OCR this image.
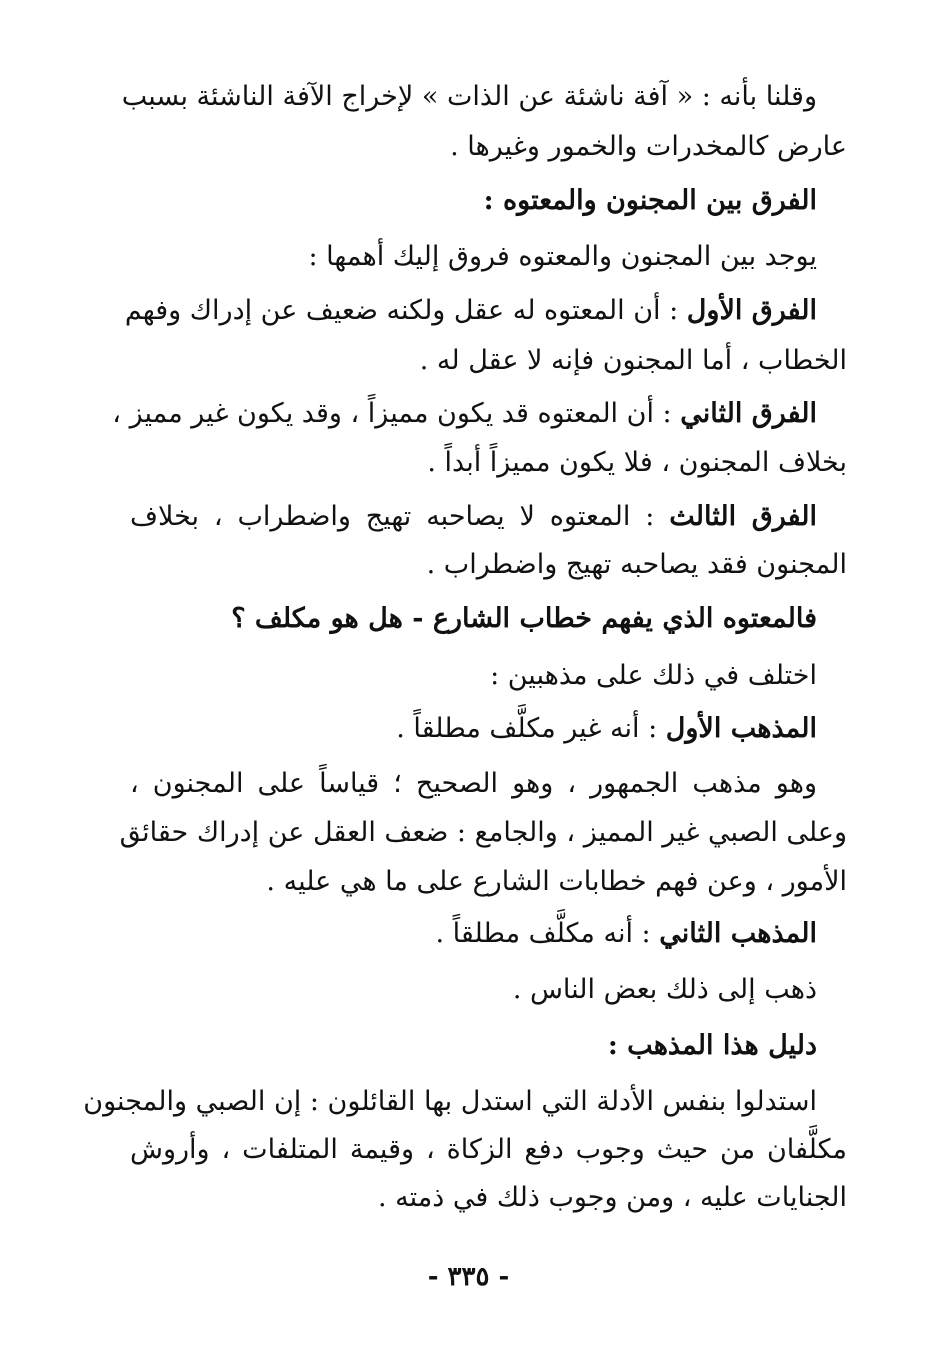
وقلنا بأنه : « آفة ناشئة عن الذات » لإخراج الآفة الناشئة بسبب
عارض كالمخدرات والخمور وغيرها .
الفرق بين المجنون والمعتوه :
يوجد بين المجنون والمعتوه فروق إليك أهمها :
الفرق الأول : أن المعتوه له عقل ولكنه ضعيف عن إدراك وفهم
الخطاب ، أما المجنون فإنه لا عقل له .
الفرق الثاني : أن المعتوه قد يكون مميزاً ، وقد يكون غير مميز ،
بخلاف المجنون ، فلا يكون مميزاً أبداً .
الفرق الثالث : المعتوه لا يصاحبه تهيج واضطراب ، بخلاف
المجنون فقد يصاحبه تهيج واضطراب .
فالمعتوه الذي يفهم خطاب الشارع - هل هو مكلف ؟
اختلف في ذلك على مذهبين :
المذهب الأول : أنه غير مكلَّف مطلقاً .
وهو مذهب الجمهور ، وهو الصحيح ؛ قياساً على المجنون ،
وعلى الصبي غير المميز ، والجامع : ضعف العقل عن إدراك حقائق
الأمور ، وعن فهم خطابات الشارع على ما هي عليه .
المذهب الثاني : أنه مكلَّف مطلقاً .
ذهب إلى ذلك بعض الناس .
دليل هذا المذهب :
استدلوا بنفس الأدلة التي استدل بها القائلون : إن الصبي والمجنون
مكلَّفان من حيث وجوب دفع الزكاة ، وقيمة المتلفات ، وأروش
الجنايات عليه ، ومن وجوب ذلك في ذمته .
- ٣٣٥ -
